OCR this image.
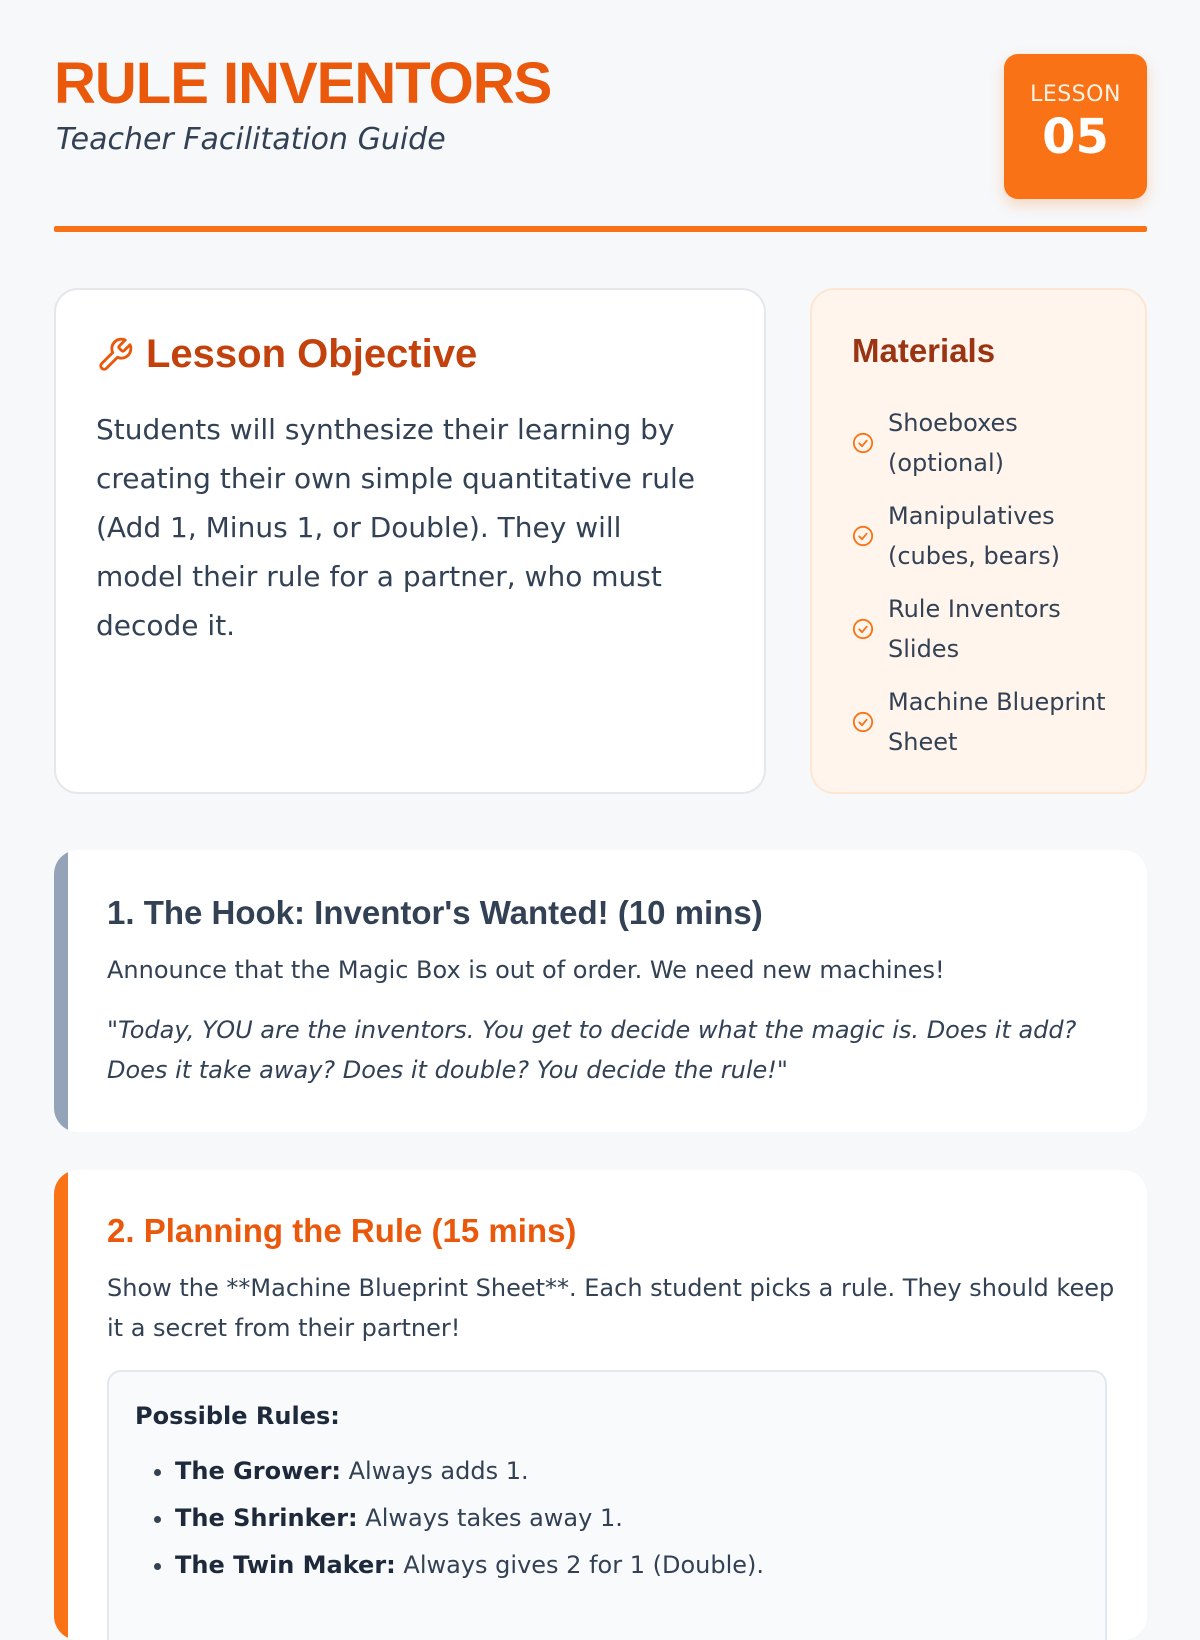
RULE INVENTORS
Teacher Facilitation Guide
LESSON
05
Lesson Objective
Students will synthesize their learning by creating their own simple quantitative rule (Add 1, Minus 1, or Double). They will model their rule for a partner, who must decode it.
Materials
Shoeboxes (optional)
Manipulatives (cubes, bears)
Rule Inventors Slides
Machine Blueprint Sheet
1. The Hook: Inventor's Wanted! (10 mins)
Announce that the Magic Box is out of order. We need new machines!
"Today, YOU are the inventors. You get to decide what the magic is. Does it add? Does it take away? Does it double? You decide the rule!"
2. Planning the Rule (15 mins)
Show the **Machine Blueprint Sheet**. Each student picks a rule. They should keep it a secret from their partner!
Possible Rules:
• The Grower: Always adds 1.
• The Shrinker: Always takes away 1.
• The Twin Maker: Always gives 2 for 1 (Double).
